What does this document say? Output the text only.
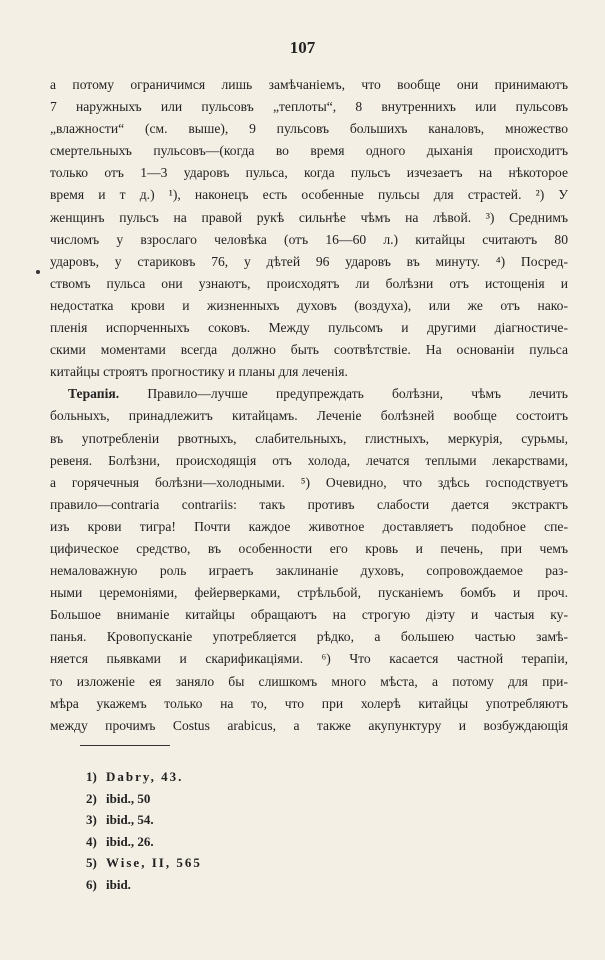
107
а потому ограничимся лишь замѣчаніемъ, что вообще они принимаютъ
7 наружныхъ или пульсовъ „теплоты“, 8 внутреннихъ или пульсовъ
„влажности“ (см. выше), 9 пульсовъ большихъ каналовъ, множество
смертельныхъ пульсовъ—(когда во время одного дыханія происходитъ
только отъ 1—3 ударовъ пульса, когда пульсъ изчезаетъ на нѣкоторое
время и т д.) ¹), наконецъ есть особенные пульсы для страстей. ²) У
женщинъ пульсъ на правой рукѣ сильнѣе чѣмъ на лѣвой. ³) Среднимъ
числомъ у взрослаго человѣка (отъ 16—60 л.) китайцы считаютъ 80
ударовъ, у стариковъ 76, у дѣтей 96 ударовъ въ минуту. ⁴) Посред-
ствомъ пульса они узнаютъ, происходятъ ли болѣзни отъ истощенія и
недостатка крови и жизненныхъ духовъ (воздуха), или же отъ нако-
пленія испорченныхъ соковъ. Между пульсомъ и другими діагностиче-
скими моментами всегда должно быть соотвѣтствіе. На основаніи пульса
китайцы строятъ прогностику и планы для леченія.
Терапія. Правило—лучше предупреждать болѣзни, чѣмъ лечить
больныхъ, принадлежитъ китайцамъ. Леченіе болѣзней вообще состоитъ
въ употребленіи рвотныхъ, слабительныхъ, глистныхъ, меркурія, сурьмы,
ревеня. Болѣзни, происходящія отъ холода, лечатся теплыми лекарствами,
а горячечныя болѣзни—холодными. ⁵) Очевидно, что здѣсь господствуетъ
правило—contraria contrariis: такъ противъ слабости дается экстрактъ
изъ крови тигра! Почти каждое животное доставляетъ подобное спе-
цифическое средство, въ особенности его кровь и печень, при чемъ
немаловажную роль играетъ заклинаніе духовъ, сопровождаемое раз-
ными церемоніями, фейерверками, стрѣльбой, пусканіемъ бомбъ и проч.
Большое вниманіе китайцы обращаютъ на строгую діэту и частыя ку-
панья. Кровопусканіе употребляется рѣдко, а большею частью замѣ-
няется пьявками и скарификаціями. ⁶) Что касается частной терапіи,
то изложеніе ея заняло бы слишкомъ много мѣста, а потому для при-
мѣра укажемъ только на то, что при холерѣ китайцы употребляютъ
между прочимъ Costus arabicus, а также акупунктуру и возбуждающія
1) Dabry, 43.
2) ibid., 50
3) ibid., 54.
4) ibid., 26.
5) Wise, II, 565
6) ibid.
